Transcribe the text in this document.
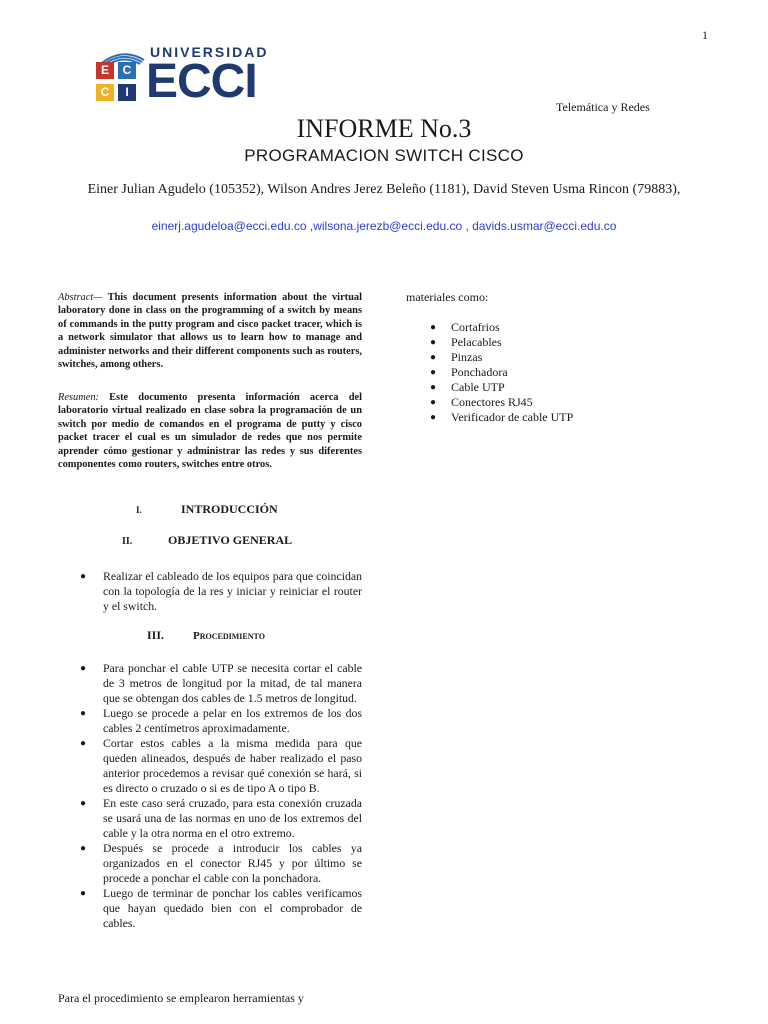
1
E	C
C	I
UNIVERSIDAD
ECCI	Telemática y Redes
INFORME No.3
PROGRAMACION SWITCH CISCO
Einer Julian Agudelo (105352), Wilson Andres Jerez Beleño (1181), David Steven Usma Rincon (79883),
einerj.agudeloa@ecci.edu.co ,wilsona.jerezb@ecci.edu.co , davids.usmar@ecci.edu.co
Abstract— This document presents information about the virtual laboratory done in class on the programming of a switch by means of commands in the putty program and cisco packet tracer, which is a network simulator that allows us to learn how to manage and administer networks and their different components such as routers, switches, among others.
Resumen: Este documento presenta información acerca del laboratorio virtual realizado en clase sobra la programación de un switch por medio de comandos en el programa de putty y cisco packet tracer el cual es un simulador de redes que nos permite aprender cómo gestionar y administrar las redes y sus diferentes componentes como routers, switches entre otros.
I.	INTRODUCCIÓN
II.	OBJETIVO GENERAL
● Realizar el cableado de los equipos para que coincidan con la topología de la res y iniciar y reiniciar el router y el switch.
III.	Procedimiento
● Para ponchar el cable UTP se necesita cortar el cable de 3 metros de longitud por la mitad, de tal manera que se obtengan dos cables de 1.5 metros de longitud.
● Luego se procede a pelar en los extremos de los dos cables 2 centímetros aproximadamente.
● Cortar estos cables a la misma medida para que queden alineados, después de haber realizado el paso anterior procedemos a revisar qué conexión se hará, si es directo o cruzado o si es de tipo A o tipo B.
● En este caso será cruzado, para esta conexión cruzada se usará una de las normas en uno de los extremos del cable y la otra norma en el otro extremo.
● Después se procede a introducir los cables ya organizados en el conector RJ45 y por último se procede a ponchar el cable con la ponchadora.
● Luego de terminar de ponchar los cables verificamos que hayan quedado bien con el comprobador de cables.
Para el procedimiento se emplearon herramientas y
materiales como:
● Cortafrios
● Pelacables
● Pinzas
● Ponchadora
● Cable UTP
● Conectores RJ45
● Verificador de cable UTP
